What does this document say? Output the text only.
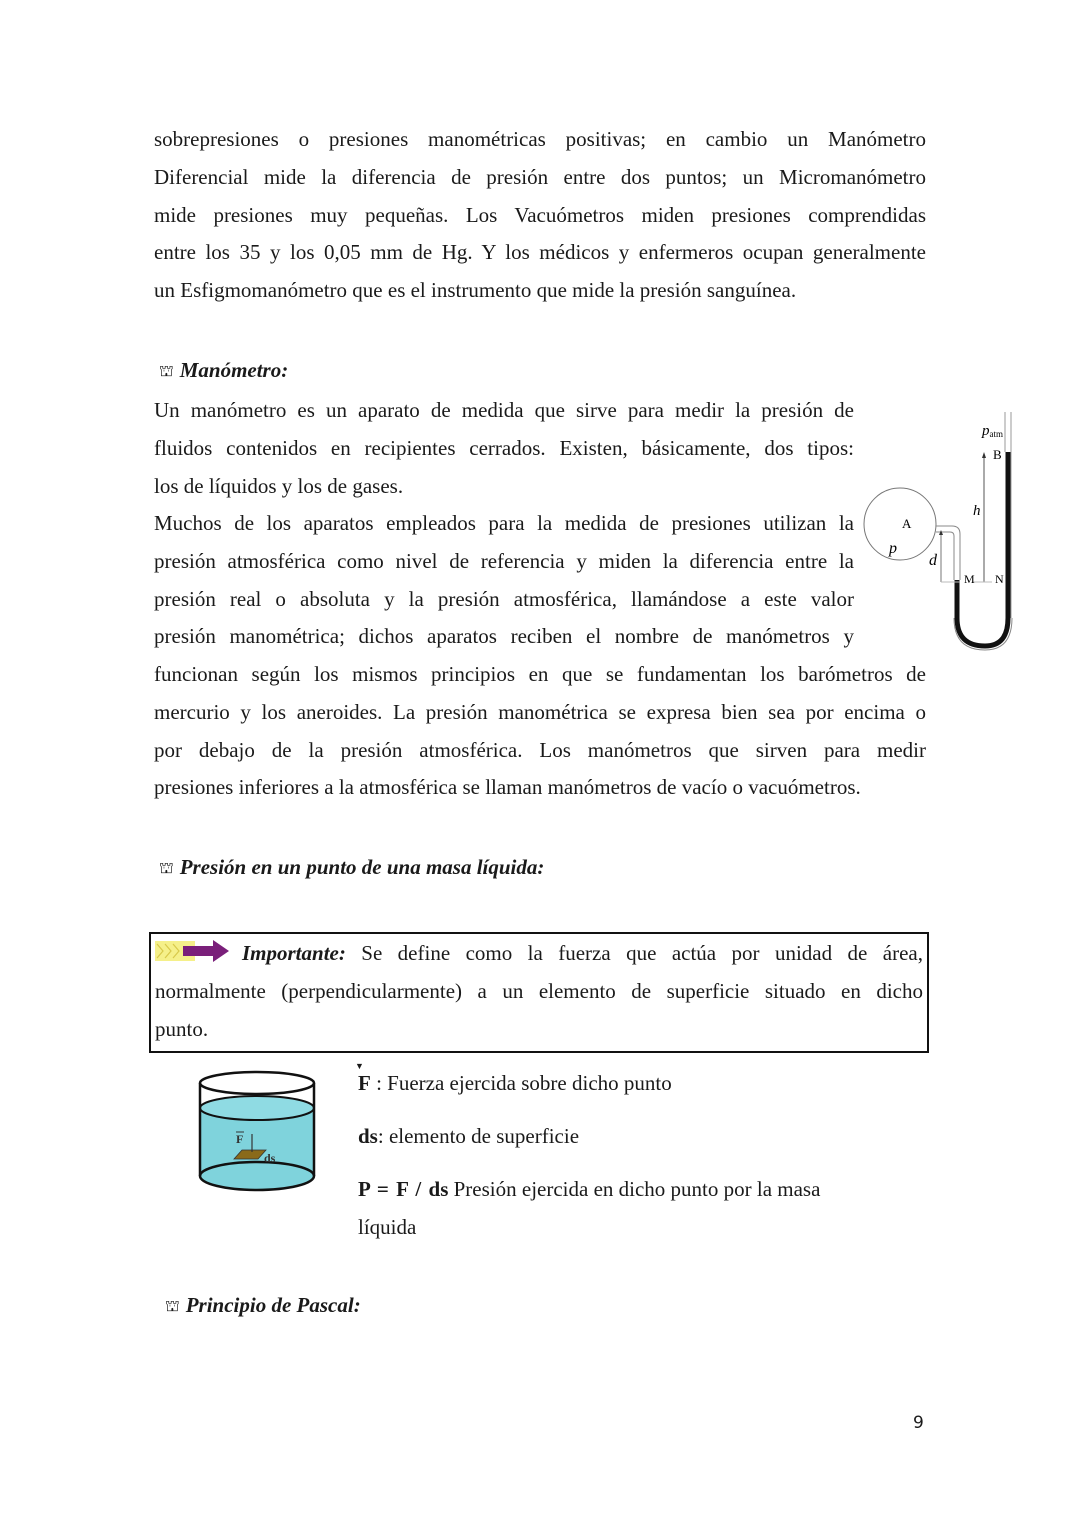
sobrepresiones o presiones manométricas positivas; en cambio un Manómetro

Diferencial mide la diferencia de presión entre dos puntos; un Micromanómetro

mide presiones muy pequeñas. Los Vacuómetros miden presiones comprendidas

entre los 35 y los 0,05 mm de Hg. Y los médicos y enfermeros ocupan generalmente

un Esfigmomanómetro que es el instrumento que mide la presión sanguínea.

⛫ Manómetro:

Un manómetro es un aparato de medida que sirve para medir la presión de

fluidos contenidos en recipientes cerrados. Existen, básicamente, dos tipos:

los de líquidos y los de gases.

Muchos de los aparatos empleados para la medida de presiones utilizan la

presión atmosférica como nivel de referencia y miden la diferencia entre la

presión real o absoluta y la presión atmosférica, llamándose a este valor

presión manométrica; dichos aparatos reciben el nombre de manómetros y

funcionan según los mismos principios en que se fundamentan los barómetros de

mercurio y los aneroides. La presión manométrica se expresa bien sea por encima o

por debajo de la presión atmosférica. Los manómetros que sirven para medir

presiones inferiores a la atmosférica se llaman manómetros de vacío o vacuómetros.

patm
B
h
A
p
d
M N
⛫ Presión en un punto de una masa líquida:
Importante: Se define como la fuerza que actúa por unidad de área,
normalmente (perpendicularmente) a un elemento de superficie situado en dicho
punto.
F
ds
▼
F : Fuerza ejercida sobre dicho punto
ds: elemento de superficie
P = F / ds Presión ejercida en dicho punto por la masa
líquida
⛫ Principio de Pascal:
9
